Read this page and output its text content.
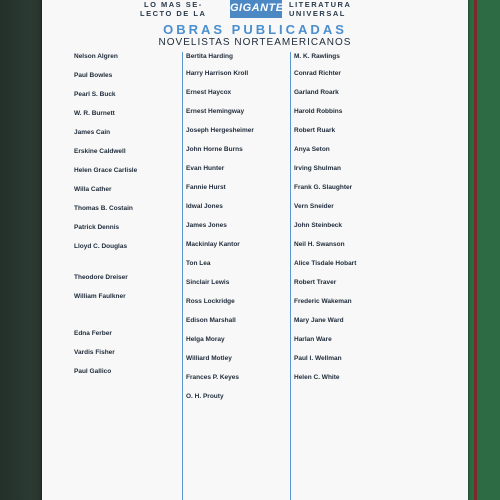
LO MAS SE-
LECTO DE LA GIGANTE LITERATURA
UNIVERSAL
OBRAS PUBLICADAS
NOVELISTAS NORTEAMERICANOS
Nelson Algren
Paul Bowles
Pearl S. Buck
W. R. Burnett
James Cain
Erskine Caldwell
Helen Grace Carlisle
Willa Cather
Thomas B. Costain
Patrick Dennis
Lloyd C. Douglas
Theodore Dreiser
William Faulkner
Edna Ferber
Vardis Fisher
Paul Gallico
Bertita Harding
Harry Harrison Kroll
Ernest Haycox
Ernest Hemingway
Joseph Hergesheimer
John Horne Burns
Evan Hunter
Fannie Hurst
Idwal Jones
James Jones
Mackinlay Kantor
Ton Lea
Sinclair Lewis
Ross Lockridge
Edison Marshall
Helga Moray
Williard Motley
Frances P. Keyes
O. H. Prouty
M. K. Rawlings
Conrad Richter
Garland Roark
Harold Robbins
Robert Ruark
Anya Seton
Irving Shulman
Frank G. Slaughter
Vern Sneider
John Steinbeck
Neil H. Swanson
Alice Tisdale Hobart
Robert Traver
Frederic Wakeman
Mary Jane Ward
Harlan Ware
Paul I. Wellman
Helen C. White
